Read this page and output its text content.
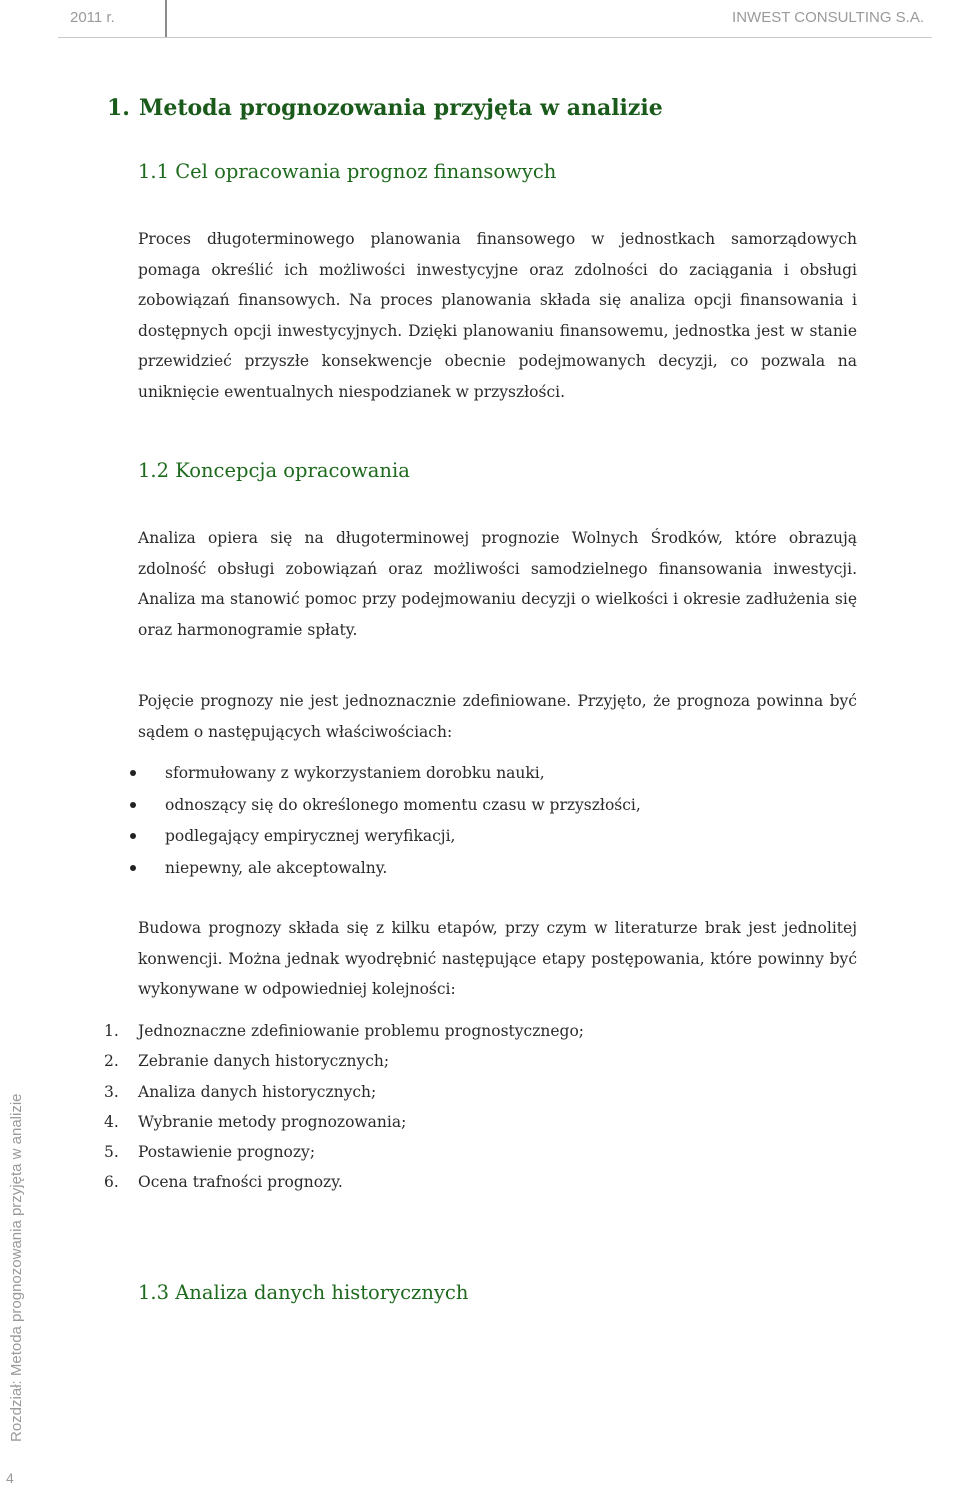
2011 r.	INWEST CONSULTING S.A.
1. Metoda prognozowania przyjęta w analizie
1.1 Cel opracowania prognoz finansowych
Proces długoterminowego planowania finansowego w jednostkach samorządowych pomaga określić ich możliwości inwestycyjne oraz zdolności do zaciągania i obsługi zobowiązań finansowych. Na proces planowania składa się analiza opcji finansowania i dostępnych opcji inwestycyjnych. Dzięki planowaniu finansowemu, jednostka jest w stanie przewidzieć przyszłe konsekwencje obecnie podejmowanych decyzji, co pozwala na uniknięcie ewentualnych niespodzianek w przyszłości.
1.2 Koncepcja opracowania
Analiza opiera się na długoterminowej prognozie Wolnych Środków, które obrazują zdolność obsługi zobowiązań oraz możliwości samodzielnego finansowania inwestycji. Analiza ma stanowić pomoc przy podejmowaniu decyzji o wielkości i okresie zadłużenia się oraz harmonogramie spłaty.
Pojęcie prognozy nie jest jednoznacznie zdefiniowane. Przyjęto, że prognoza powinna być sądem o następujących właściwościach:
sformułowany z wykorzystaniem dorobku nauki,
odnoszący się do określonego momentu czasu w przyszłości,
podlegający empirycznej weryfikacji,
niepewny, ale akceptowalny.
Budowa prognozy składa się z kilku etapów, przy czym w literaturze brak jest jednolitej konwencji. Można jednak wyodrębnić następujące etapy postępowania, które powinny być wykonywane w odpowiedniej kolejności:
1. Jednoznaczne zdefiniowanie problemu prognostycznego;
2. Zebranie danych historycznych;
3. Analiza danych historycznych;
4. Wybranie metody prognozowania;
5. Postawienie prognozy;
6. Ocena trafności prognozy.
1.3 Analiza danych historycznych
Rozdział: Metoda prognozowania przyjęta w analizie
4
